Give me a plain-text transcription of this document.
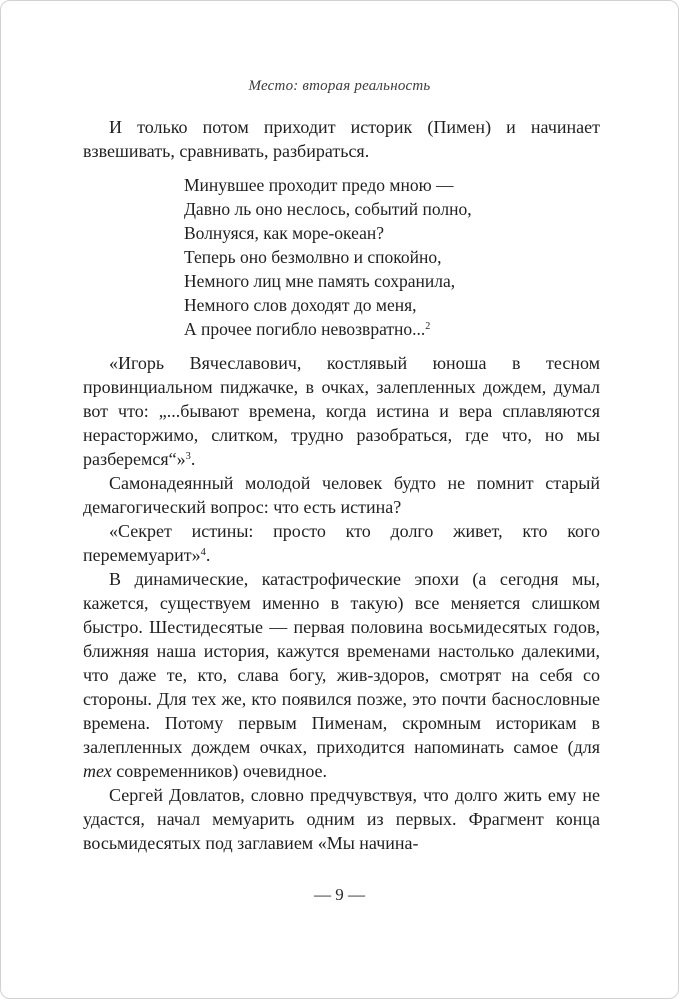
Место: вторая реальность

И только потом приходит историк (Пимен) и начинает взвешивать, сравнивать, разбираться.

Минувшее проходит предо мною —
Давно ль оно неслось, событий полно,
Волнуяся, как море-океан?
Теперь оно безмолвно и спокойно,
Немного лиц мне память сохранила,
Немного слов доходят до меня,
А прочее погибло невозвратно...$^2$

«Игорь Вячеславович, костлявый юноша в тесном провинциальном пиджачке, в очках, залепленных дождем, думал вот что: „...бывают времена, когда истина и вера сплавляются нерасторжимо, слитком, трудно разобраться, где что, но мы разберемся“»$^3$.

Самонадеянный молодой человек будто не помнит старый демагогический вопрос: что есть истина?

«Секрет истины: просто кто долго живет, кто кого перемемуарит»$^4$.

В динамические, катастрофические эпохи (а сегодня мы, кажется, существуем именно в такую) все меняется слишком быстро. Шестидесятые — первая половина восьмидесятых годов, ближняя наша история, кажутся временами настолько далекими, что даже те, кто, слава богу, жив-здоров, смотрят на себя со стороны. Для тех же, кто появился позже, это почти баснословные времена. Потому первым Пименам, скромным историкам в залепленных дождем очках, приходится напоминать самое (для тех современников) очевидное.

Сергей Довлатов, словно предчувствуя, что долго жить ему не удастся, начал мемуарить одним из первых. Фрагмент конца восьмидесятых под заглавием «Мы начина-

— 9 —
